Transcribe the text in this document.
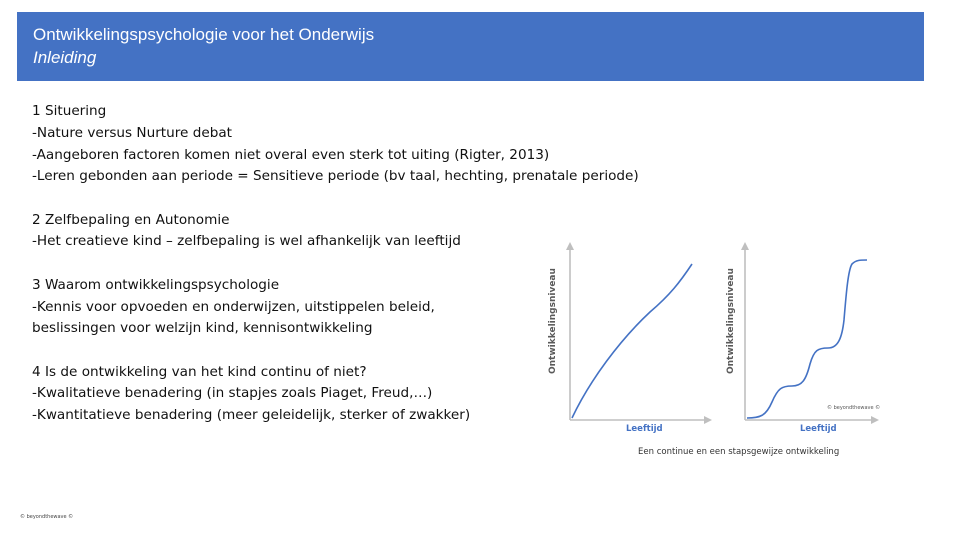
Ontwikkelingspsychologie voor het Onderwijs
Inleiding
1 Situering
-Nature versus Nurture debat
-Aangeboren factoren komen niet overal even sterk tot uiting (Rigter, 2013)
-Leren gebonden aan periode = Sensitieve periode (bv taal, hechting, prenatale periode)
2 Zelfbepaling en Autonomie
-Het creatieve kind – zelfbepaling is wel afhankelijk van leeftijd
3 Waarom ontwikkelingspsychologie
-Kennis voor opvoeden en onderwijzen, uitstippelen beleid,
beslissingen voor welzijn kind, kennisontwikkeling
4 Is de ontwikkeling van het kind continu of niet?
-Kwalitatieve benadering (in stapjes zoals Piaget, Freud,…)
-Kwantitatieve benadering (meer geleidelijk, sterker of zwakker)
Ontwikkelingsniveau
Leeftijd
Ontwikkelingsniveau
Leeftijd
© beyondthewave ©
Een continue en een stapsgewijze ontwikkeling
© beyondthewave ©
